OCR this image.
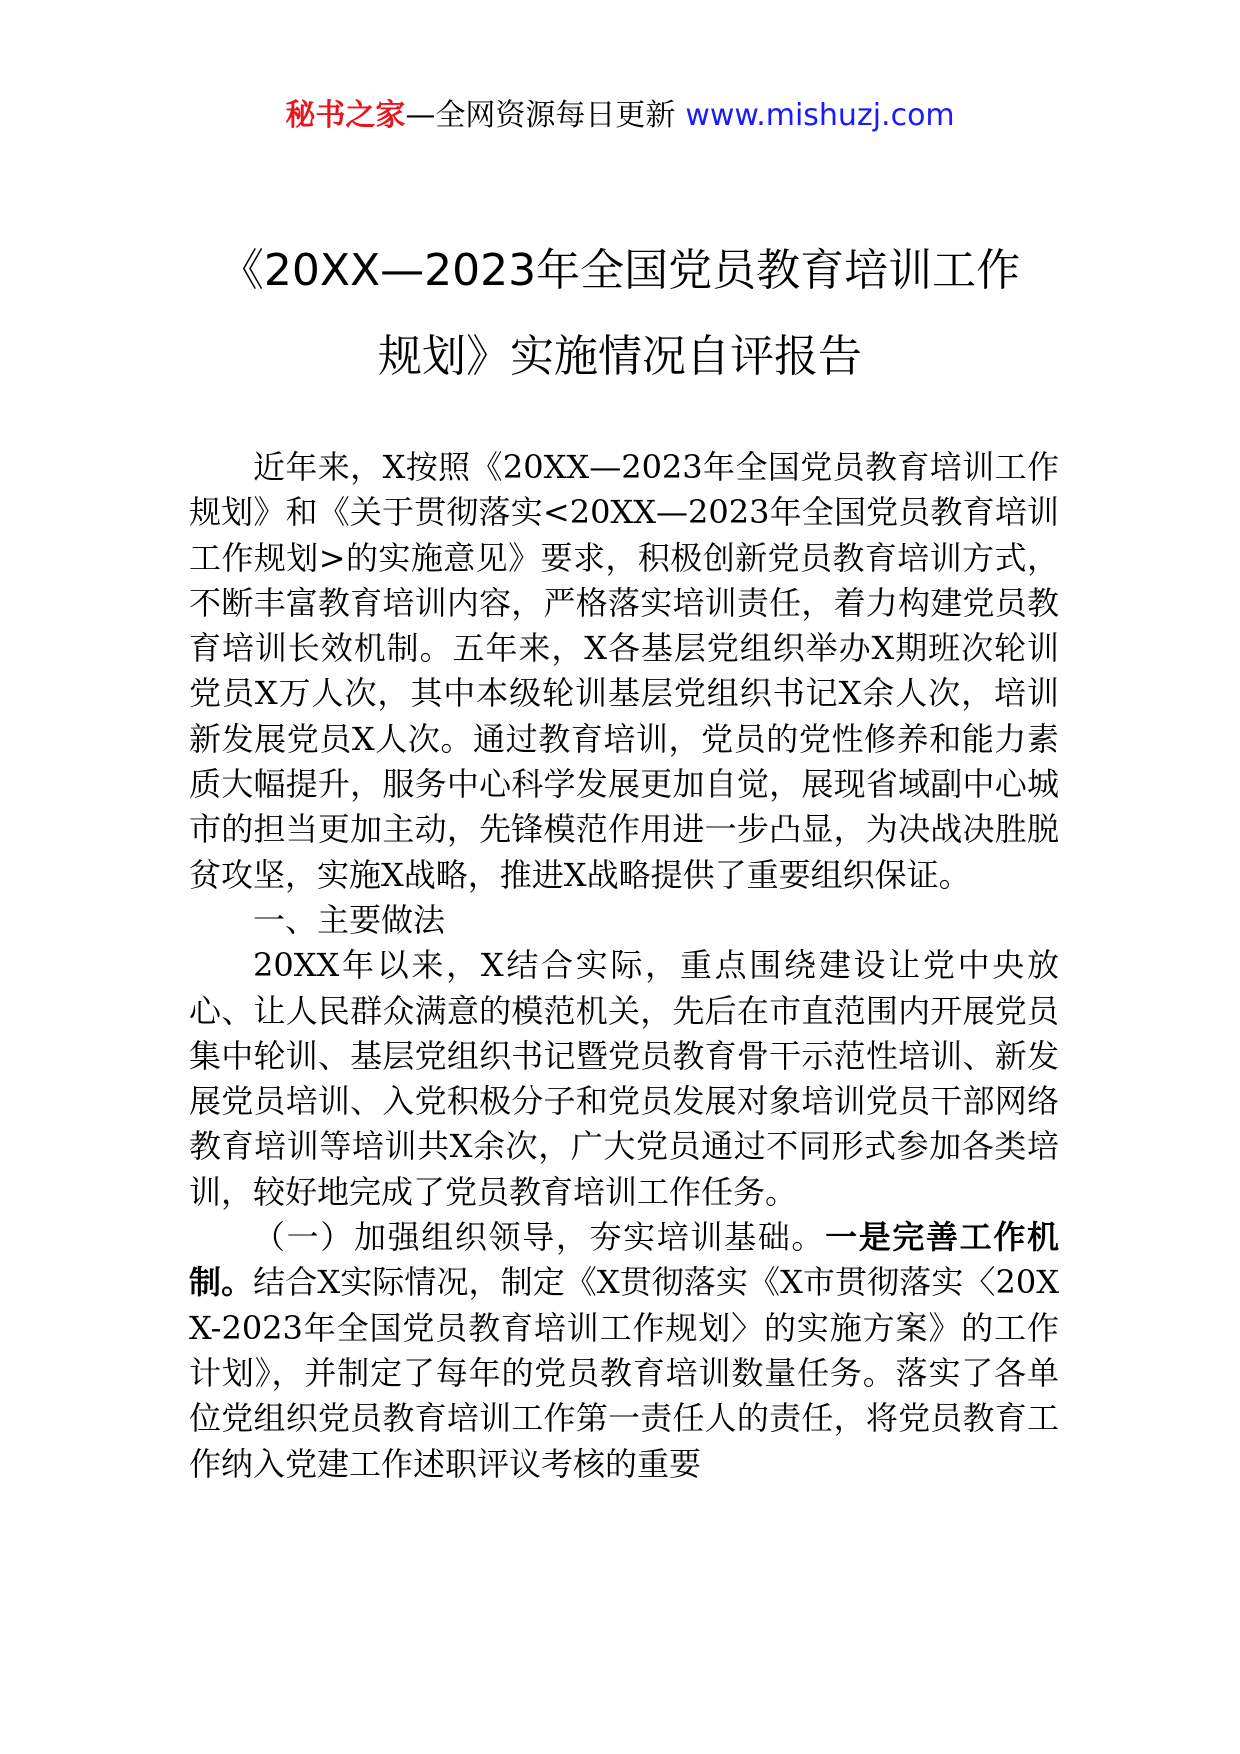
秘书之家—全网资源每日更新 www.mishuzj.com
《20XX—2023年全国党员教育培训工作
规划》实施情况自评报告

近年来，X按照《20XX—2023年全国党员教育培训工作规划》和《关于贯彻落实<20XX—2023年全国党员教育培训工作规划>的实施意见》要求，积极创新党员教育培训方式，不断丰富教育培训内容，严格落实培训责任，着力构建党员教育培训长效机制。五年来，X各基层党组织举办X期班次轮训党员X万人次，其中本级轮训基层党组织书记X余人次，培训新发展党员X人次。通过教育培训，党员的党性修养和能力素质大幅提升，服务中心科学发展更加自觉，展现省域副中心城市的担当更加主动，先锋模范作用进一步凸显，为决战决胜脱贫攻坚，实施X战略，推进X战略提供了重要组织保证。

一、主要做法

20XX年以来，X结合实际，重点围绕建设让党中央放心、让人民群众满意的模范机关，先后在市直范围内开展党员集中轮训、基层党组织书记暨党员教育骨干示范性培训、新发展党员培训、入党积极分子和党员发展对象培训党员干部网络教育培训等培训共X余次，广大党员通过不同形式参加各类培训，较好地完成了党员教育培训工作任务。

（一）加强组织领导，夯实培训基础。一是完善工作机制。结合X实际情况，制定《X贯彻落实《X市贯彻落实〈20XX-2023年全国党员教育培训工作规划〉的实施方案》的工作计划》，并制定了每年的党员教育培训数量任务。落实了各单位党组织党员教育培训工作第一责任人的责任，将党员教育工作纳入党建工作述职评议考核的重要
